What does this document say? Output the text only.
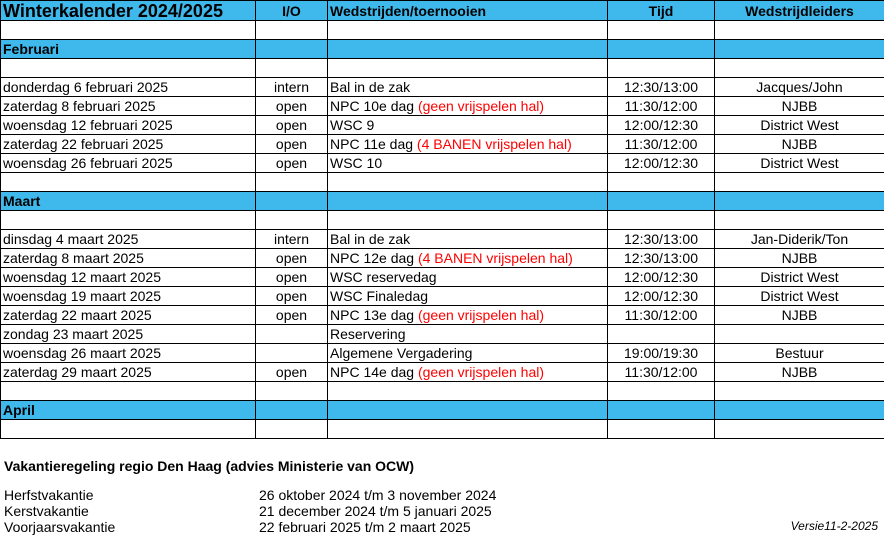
Winterkalender 2024/2025	I/O	Wedstrijden/toernooien	Tijd	Wedstrijdleiders

Februari				

donderdag 6 februari 2025	intern	Bal in de zak	12:30/13:00	Jacques/John
zaterdag 8 februari 2025	open	NPC 10e dag (geen vrijspelen hal)	11:30/12:00	NJBB
woensdag 12 februari 2025	open	WSC 9	12:00/12:30	District West
zaterdag 22 februari 2025	open	NPC 11e dag (4 BANEN vrijspelen hal)	11:30/12:00	NJBB
woensdag 26 februari 2025	open	WSC 10	12:00/12:30	District West

Maart				

dinsdag 4 maart 2025	intern	Bal in de zak	12:30/13:00	Jan-Diderik/Ton
zaterdag 8 maart 2025	open	NPC 12e dag (4 BANEN vrijspelen hal)	12:30/13:00	NJBB
woensdag 12 maart 2025	open	WSC reservedag	12:00/12:30	District West
woensdag 19 maart 2025	open	WSC Finaledag	12:00/12:30	District West
zaterdag 22 maart 2025	open	NPC 13e dag (geen vrijspelen hal)	11:30/12:00	NJBB
zondag 23 maart 2025		Reservering		
woensdag 26 maart 2025		Algemene Vergadering	19:00/19:30	Bestuur
zaterdag 29 maart 2025	open	NPC 14e dag (geen vrijspelen hal)	11:30/12:00	NJBB

April				

Vakantieregeling regio Den Haag (advies Ministerie van OCW)
Herfstvakantie	26 oktober 2024 t/m 3 november 2024
Kerstvakantie	21 december 2024 t/m 5 januari 2025
Voorjaarsvakantie	22 februari 2025 t/m 2 maart 2025	Versie11-2-2025
